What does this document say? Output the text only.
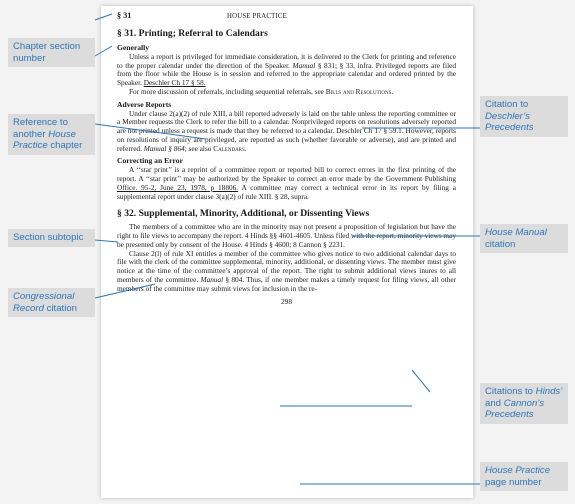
§ 31	HOUSE PRACTICE
§ 31. Printing; Referral to Calendars
Generally

Unless a report is privileged for immediate consideration, it is delivered to the Clerk for printing and reference to the proper calendar under the direction of the Speaker. Manual § 831; § 33, infra. Privileged reports are filed from the floor while the House is in session and referred to the appropriate calendar and ordered printed by the Speaker. Deschler Ch 17 § 58.

For more discussion of referrals, including sequential referrals, see Bills and Resolutions.

Adverse Reports

Under clause 2(a)(2) of rule XIII, a bill reported adversely is laid on the table unless the reporting committee or a Member requests the Clerk to refer the bill to a calendar. Nonprivileged reports on resolutions adversely reported are not printed unless a request is made that they be referred to a calendar. Deschler Ch 17 § 59.1. However, reports on resolutions of inquiry are privileged, are reported as such (whether favorable or adverse), and are printed and referred. Manual § 864; see also Calendars.

Correcting an Error

A ‘‘star print’’ is a reprint of a committee report or reported bill to correct errors in the first printing of the report. A ‘‘star print’’ may be authorized by the Speaker to correct an error made by the Government Publishing Office. 95-2, June 23, 1978, p 18806. A committee may correct a technical error in its report by filing a supplemental report under clause 3(a)(2) of rule XIII. § 28, supra.

§ 32. Supplemental, Minority, Additional, or Dissenting Views

The members of a committee who are in the minority may not present a proposition of legislation but have the right to file views to accompany the report. 4 Hinds §§ 4601-4605. Unless filed with the report, minority views may be presented only by consent of the House. 4 Hinds § 4600; 8 Cannon § 2231.

Clause 2(l) of rule XI entitles a member of the committee who gives notice to two additional calendar days to file with the clerk of the committee supplemental, minority, additional, or dissenting views. The member must give notice at the time of the committee’s approval of the report. The right to submit additional views inures to all members of the committee. Manual § 804. Thus, if one member makes a timely request for filing views, all other members of the committee may submit views for inclusion in the re-

298
Chapter section number
Reference to another House Practice chapter
Section subtopic
Congressional Record citation
Citation to Deschler’s Precedents
House Manual citation
Citations to Hinds’ and Cannon’s Precedents
House Practice page number
